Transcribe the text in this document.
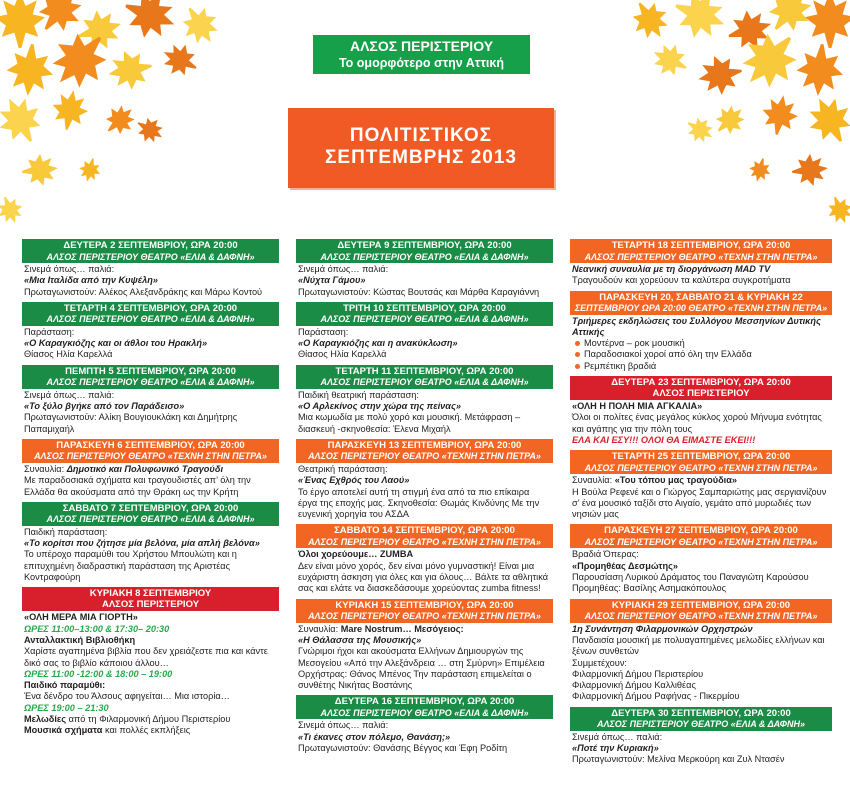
ΑΛΣΟΣ ΠΕΡΙΣΤΕΡΙΟΥ
Το ομορφότερο στην Αττική
ΠΟΛΙΤΙΣΤΙΚΟΣ
ΣΕΠΤΕΜΒΡΗΣ 2013
ΔΕΥΤΕΡΑ 2 ΣΕΠΤΕΜΒΡΙΟΥ, ΩΡΑ 20:00
ΑΛΣΟΣ ΠΕΡΙΣΤΕΡΙΟΥ ΘΕΑΤΡΟ «ΕΛΙΑ & ΔΑΦΝΗ»
Σινεμά όπως… παλιά:
«Μια Ιταλίδα από την Κυψέλη»
Πρωταγωνιστούν: Αλέκος Αλεξανδράκης και Μάρω Κοντού
ΤΕΤΑΡΤΗ 4 ΣΕΠΤΕΜΒΡΙΟΥ, ΩΡΑ 20:00
ΑΛΣΟΣ ΠΕΡΙΣΤΕΡΙΟΥ ΘΕΑΤΡΟ «ΕΛΙΑ & ΔΑΦΝΗ»
Παράσταση:
«Ο Καραγκιόζης και οι άθλοι του Ηρακλή»
Θίασος Ηλία Καρελλά
ΠΕΜΠΤΗ 5 ΣΕΠΤΕΜΒΡΙΟΥ, ΩΡΑ 20:00
ΑΛΣΟΣ ΠΕΡΙΣΤΕΡΙΟΥ ΘΕΑΤΡΟ «ΕΛΙΑ & ΔΑΦΝΗ»
Σινεμά όπως… παλιά:
«Το ξύλο βγήκε από τον Παράδεισο»
Πρωταγωνιστούν: Αλίκη Βουγιουκλάκη και Δημήτρης Παπαμιχαήλ
ΠΑΡΑΣΚΕΥΗ 6 ΣΕΠΤΕΜΒΡΙΟΥ, ΩΡΑ 20:00
ΑΛΣΟΣ ΠΕΡΙΣΤΕΡΙΟΥ ΘΕΑΤΡΟ «ΤΕΧΝΗ ΣΤΗΝ ΠΕΤΡΑ»
Συναυλία: Δημοτικό και Πολυφωνικό Τραγούδι
Με παραδοσιακά σχήματα και τραγουδιστές απ’ όλη την Ελλάδα θα ακούσματα από την Θράκη ως την Κρήτη
ΣΑΒΒΑΤΟ 7 ΣΕΠΤΕΜΒΡΙΟΥ, ΩΡΑ 20:00
ΑΛΣΟΣ ΠΕΡΙΣΤΕΡΙΟΥ ΘΕΑΤΡΟ «ΕΛΙΑ & ΔΑΦΝΗ»
Παιδική παράσταση:
«Το κορίτσι που ζήτησε μία βελόνα, μία απλή βελόνα»
Το υπέροχο παραμύθι του Χρήστου Μπουλώτη και η επιτυχημένη διαδραστική παράσταση της Αριστέας Κοντραφούρη
ΚΥΡΙΑΚΗ 8 ΣΕΠΤΕΜΒΡΙΟΥ
ΑΛΣΟΣ ΠΕΡΙΣΤΕΡΙΟΥ
«ΟΛΗ ΜΕΡΑ ΜΙΑ ΓΙΟΡΤΗ»
ΩΡΕΣ 11:00–13:00 & 17:30– 20:30
Ανταλλακτική Βιβλιοθήκη
Χαρίστε αγαπημένα βιβλία που δεν χρειάζεστε πια και κάντε δικό σας το βιβλίο κάποιου άλλου…
ΩΡΕΣ 11:00 -12:00 & 18:00 – 19:00
Παιδικό παραμύθι:
Ένα δένδρο του Άλσους αφηγείται… Μια ιστορία…
ΩΡΕΣ 19:00 – 21:30
Μελωδίες από τη Φιλαρμονική Δήμου Περιστερίου
Μουσικά σχήματα και πολλές εκπλήξεις
ΔΕΥΤΕΡΑ 9 ΣΕΠΤΕΜΒΡΙΟΥ, ΩΡΑ 20:00
ΑΛΣΟΣ ΠΕΡΙΣΤΕΡΙΟΥ ΘΕΑΤΡΟ «ΕΛΙΑ & ΔΑΦΝΗ»
Σινεμά όπως… παλιά:
«Νύχτα Γάμου»
Πρωταγωνιστούν: Κώστας Βουτσάς και Μάρθα Καραγιάννη
ΤΡΙΤΗ 10 ΣΕΠΤΕΜΒΡΙΟΥ, ΩΡΑ 20:00
ΑΛΣΟΣ ΠΕΡΙΣΤΕΡΙΟΥ ΘΕΑΤΡΟ «ΕΛΙΑ & ΔΑΦΝΗ»
Παράσταση:
«Ο Καραγκιόζης και η ανακύκλωση»
Θίασος Ηλία Καρελλά
ΤΕΤΑΡΤΗ 11 ΣΕΠΤΕΜΒΡΙΟΥ, ΩΡΑ 20:00
ΑΛΣΟΣ ΠΕΡΙΣΤΕΡΙΟΥ ΘΕΑΤΡΟ «ΕΛΙΑ & ΔΑΦΝΗ»
Παιδική θεατρική παράσταση:
«Ο Αρλεκίνος στην χώρα της πείνας»
Μια κωμωδία με πολύ χορό και μουσική. Μετάφραση – διασκευή -σκηνοθεσία: Έλενα Μιχαήλ
ΠΑΡΑΣΚΕΥΗ 13 ΣΕΠΤΕΜΒΡΙΟΥ, ΩΡΑ 20:00
ΑΛΣΟΣ ΠΕΡΙΣΤΕΡΙΟΥ ΘΕΑΤΡΟ «ΤΕΧΝΗ ΣΤΗΝ ΠΕΤΡΑ»
Θεατρική παράσταση:
«Ένας Εχθρός του Λαού»
Το έργο αποτελεί αυτή τη στιγμή ένα από τα πιο επίκαιρα έργα της εποχής μας. Σκηνοθεσία: Θωμάς Κινδύνης Με την ευγενική χορηγία του ΑΣΔΑ
ΣΑΒΒΑΤΟ 14 ΣΕΠΤΕΜΒΡΙΟΥ, ΩΡΑ 20:00
ΑΛΣΟΣ ΠΕΡΙΣΤΕΡΙΟΥ ΘΕΑΤΡΟ «ΤΕΧΝΗ ΣΤΗΝ ΠΕΤΡΑ»
Όλοι χορεύουμε… ZUMBA
Δεν είναι μόνο χορός, δεν είναι μόνο γυμναστική! Είναι μια ευχάριστη άσκηση για όλες και για όλους… Βάλτε τα αθλητικά σας και ελάτε να διασκεδάσουμε χορεύοντας zumba fitness!
ΚΥΡΙΑΚΗ 15 ΣΕΠΤΕΜΒΡΙΟΥ, ΩΡΑ 20:00
ΑΛΣΟΣ ΠΕΡΙΣΤΕΡΙΟΥ ΘΕΑΤΡΟ «ΤΕΧΝΗ ΣΤΗΝ ΠΕΤΡΑ»
Συναυλία: Mare Nostrum… Μεσόγειος:
«Η Θάλασσα της Μουσικής»
Γνώριμοι ήχοι και ακούσματα Ελλήνων Δημιουργών της Μεσογείου «Από την Αλεξάνδρεια … στη Σμύρνη» Επιμέλεια Ορχήστρας: Θάνος Μπένος Την παράσταση επιμελείται ο συνθέτης Νικήτας Βοστάνης
ΔΕΥΤΕΡΑ 16 ΣΕΠΤΕΜΒΡΙΟΥ, ΩΡΑ 20:00
ΑΛΣΟΣ ΠΕΡΙΣΤΕΡΙΟΥ ΘΕΑΤΡΟ «ΕΛΙΑ & ΔΑΦΝΗ»
Σινεμά όπως… παλιά:
«Τι έκανες στον πόλεμο, Θανάση;»
Πρωταγωνιστούν: Θανάσης Βέγγος και Έφη Ροδίτη
ΤΕΤΑΡΤΗ 18 ΣΕΠΤΕΜΒΡΙΟΥ, ΩΡΑ 20:00
ΑΛΣΟΣ ΠΕΡΙΣΤΕΡΙΟΥ ΘΕΑΤΡΟ «ΤΕΧΝΗ ΣΤΗΝ ΠΕΤΡΑ»
Νεανική συναυλία με τη διοργάνωση MAD TV
Τραγουδούν και χορεύουν τα καλύτερα συγκροτήματα
ΠΑΡΑΣΚΕΥΗ 20, ΣΑΒΒΑΤΟ 21 & ΚΥΡΙΑΚΗ 22
ΣΕΠΤΕΜΒΡΙΟΥ ΩΡΑ 20:00 ΘΕΑΤΡΟ «ΤΕΧΝΗ ΣΤΗΝ ΠΕΤΡΑ»
Τριήμερες εκδηλώσεις του Συλλόγου Μεσσηνίων Δυτικής Αττικής
Μοντέρνα – ροκ μουσική
Παραδοσιακοί χοροί από όλη την Ελλάδα
Ρεμπέτικη βραδιά
ΔΕΥΤΕΡΑ 23 ΣΕΠΤΕΜΒΡΙΟΥ, ΩΡΑ 20:00
ΑΛΣΟΣ ΠΕΡΙΣΤΕΡΙΟΥ
«ΟΛΗ Η ΠΟΛΗ ΜΙΑ ΑΓΚΑΛΙΑ»
Όλοι οι πολίτες ένας μεγάλος κύκλος χορού Μήνυμα ενότητας και αγάπης για την πόλη τους
ΕΛΑ ΚΑΙ ΕΣΥ!!! ΟΛΟΙ ΘΑ ΕΙΜΑΣΤΕ ΕΚΕΙ!!!
ΤΕΤΑΡΤΗ 25 ΣΕΠΤΕΜΒΡΙΟΥ, ΩΡΑ 20:00
ΑΛΣΟΣ ΠΕΡΙΣΤΕΡΙΟΥ ΘΕΑΤΡΟ «ΤΕΧΝΗ ΣΤΗΝ ΠΕΤΡΑ»
Συναυλία: «Του τόπου μας τραγούδια»
Η Βούλα Ρεφενέ και ο Γιώργος Σαμπαριώτης μας σεργιανίζουν σ’ ένα μουσικό ταξίδι στο Αιγαίο, γεμάτο από μυρωδιές των νησιών μας
ΠΑΡΑΣΚΕΥΗ 27 ΣΕΠΤΕΜΒΡΙΟΥ, ΩΡΑ 20:00
ΑΛΣΟΣ ΠΕΡΙΣΤΕΡΙΟΥ ΘΕΑΤΡΟ «ΤΕΧΝΗ ΣΤΗΝ ΠΕΤΡΑ»
Βραδιά Όπερας:
«Προμηθέας Δεσμώτης»
Παρουσίαση Λυρικού Δράματος του Παναγιώτη Καρούσου Προμηθέας: Βασίλης Ασημακόπουλος
ΚΥΡΙΑΚΗ 29 ΣΕΠΤΕΜΒΡΙΟΥ, ΩΡΑ 20:00
ΑΛΣΟΣ ΠΕΡΙΣΤΕΡΙΟΥ ΘΕΑΤΡΟ «ΤΕΧΝΗ ΣΤΗΝ ΠΕΤΡΑ»
1η Συνάντηση Φιλαρμονικών Ορχηστρών
Πανδαισία μουσική με πολυαγαπημένες μελωδίες ελλήνων και ξένων συνθετών
Συμμετέχουν:
Φιλαρμονική Δήμου Περιστερίου
Φιλαρμονική Δήμου Καλλιθέας
Φιλαρμονική Δήμου Ραφήνας - Πικερμίου
ΔΕΥΤΕΡΑ 30 ΣΕΠΤΕΜΒΡΙΟΥ, ΩΡΑ 20:00
ΑΛΣΟΣ ΠΕΡΙΣΤΕΡΙΟΥ ΘΕΑΤΡΟ «ΕΛΙΑ & ΔΑΦΝΗ»
Σινεμά όπως… παλιά:
«Ποτέ την Κυριακή»
Πρωταγωνιστούν: Μελίνα Μερκούρη και Ζυλ Ντασέν
